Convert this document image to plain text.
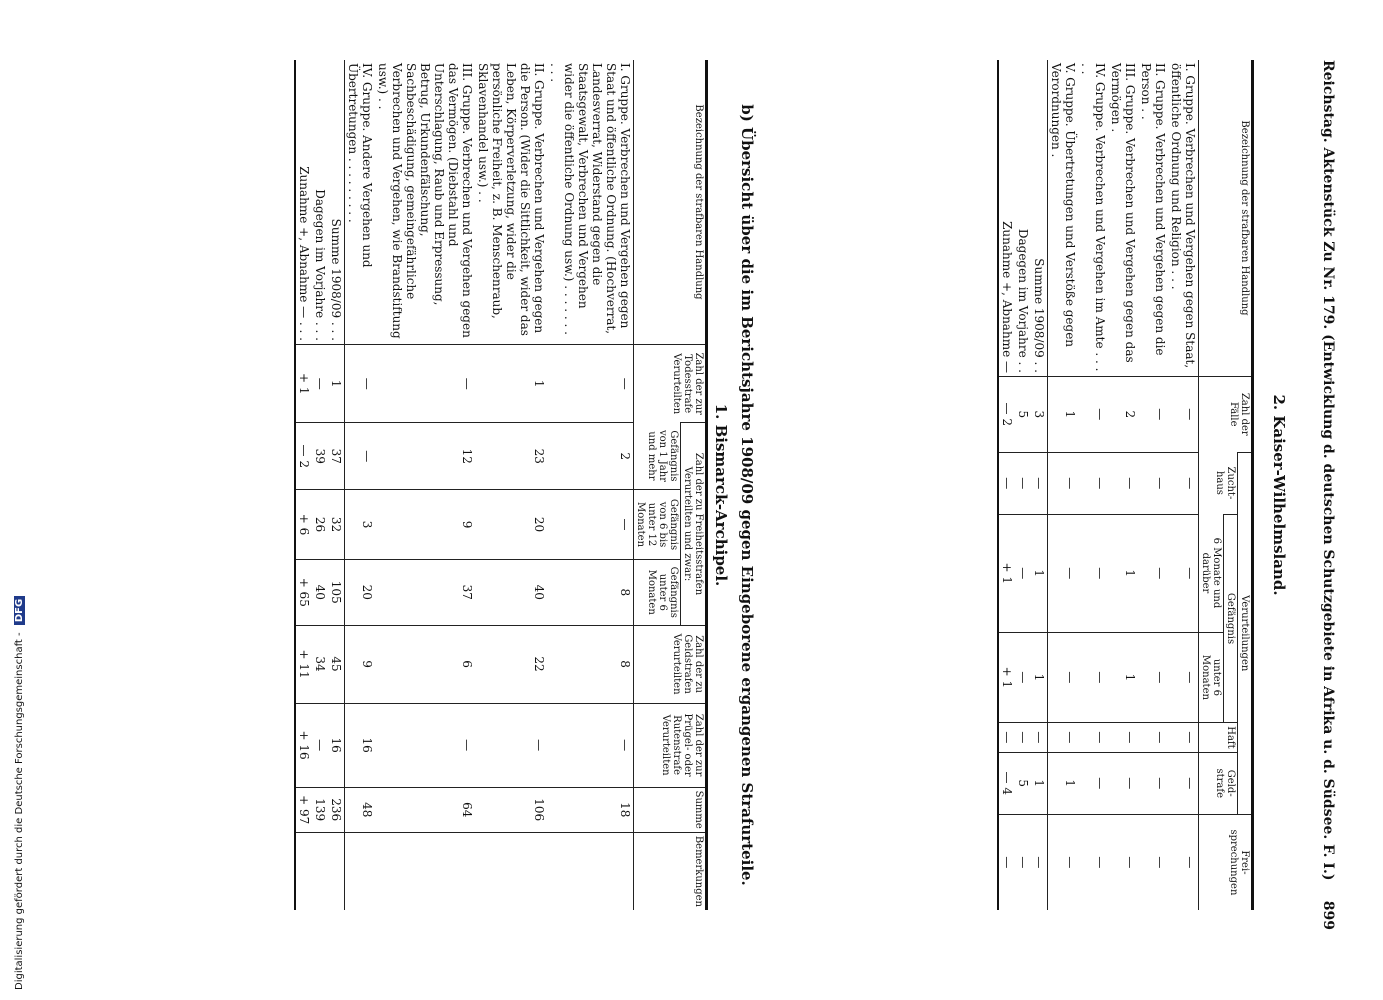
Reichstag. Aktenstück Zu Nr. 179. (Entwicklung d. deutschen Schutzgebiete in Afrika u. d. Südsee. F. I.)
899
2. Kaiser-Wilhelmsland.
Bezeichnung der strafbaren Handlung	Zahl der Fälle	Verurteilungen					Frei-sprechungen
		Zucht-haus	Gefängnis		Haft	Geld-strafe	
			6 Monate und darüber	unter 6 Monaten			
I. Gruppe. Verbrechen und Vergehen gegen Staat, öffentliche Ordnung und Religion . . .	—	—	—	—	—	—	—
II. Gruppe. Verbrechen und Vergehen gegen die Person . .	—	—	—	—	—	—	—
III. Gruppe. Verbrechen und Vergehen gegen das Vermögen .	2	—	1	1	—	—	—
IV. Gruppe. Verbrechen und Vergehen im Amte . . . . .	—	—	—	—	—	—	—
V. Gruppe. Übertretungen und Verstöße gegen Verordnungen .	1	—	—	—	—	1	—
Summe 1908/09 . .	3	—	1	1	—	1	—
Dagegen im Vorjahre . .	5	—	—	—	—	5	—
Zunahme +, Abnahme —	— 2	—	+ 1	+ 1	—	— 4	—
b) Übersicht über die im Berichtsjahre 1908/09 gegen Eingeborene ergangenen Strafurteile.
1. Bismarck-Archipel.
Bezeichnung der strafbaren Handlung	Zahl der zur Todesstrafe Verurteilten	Zahl der zu Freiheitsstrafen Verurteilten und zwar:			Zahl der zu Geldstrafen Verurteilten	Zahl der zur Prügel- oder Rutenstrafe Verurteilten	Summe	Bemerkungen
		Gefängnis von 1 Jahr und mehr	Gefängnis von 6 bis unter 12 Monaten	Gefängnis unter 6 Monaten				
I. Gruppe. Verbrechen und Vergehen gegen Staat und öffentliche Ordnung. (Hochverrat, Landesverrat, Widerstand gegen die Staatsgewalt, Verbrechen und Vergehen wider die öffentliche Ordnung usw.) . . . . . . . . . .	—	2	—	8	8	—	18	
II. Gruppe. Verbrechen und Vergehen gegen die Person. (Wider die Sittlichkeit, wider das Leben, Körperverletzung, wider die persönliche Freiheit, z. B. Menschenraub, Sklavenhandel usw.) . .	1	23	20	40	22	—	106	
III. Gruppe. Verbrechen und Vergehen gegen das Vermögen. (Diebstahl und Unterschlagung, Raub und Erpressung, Betrug, Urkundenfälschung, Sachbeschädigung, gemeingefährliche Verbrechen und Vergehen, wie Brandstiftung usw.) . .	—	12	9	37	6	—	64	
IV. Gruppe. Andere Vergehen und Übertretungen . . . . . . . . .	—	—	3	20	9	16	48	
Summe 1908/09 . . .	1	37	32	105	45	16	236	
Dagegen im Vorjahre . . .	—	39	26	40	34	—	139	
Zunahme +, Abnahme — . . .	+ 1	— 2	+ 6	+ 65	+ 11	+ 16	+ 97	
Digitalisierung gefördert durch die Deutsche Forschungsgemeinschaft - DFG
